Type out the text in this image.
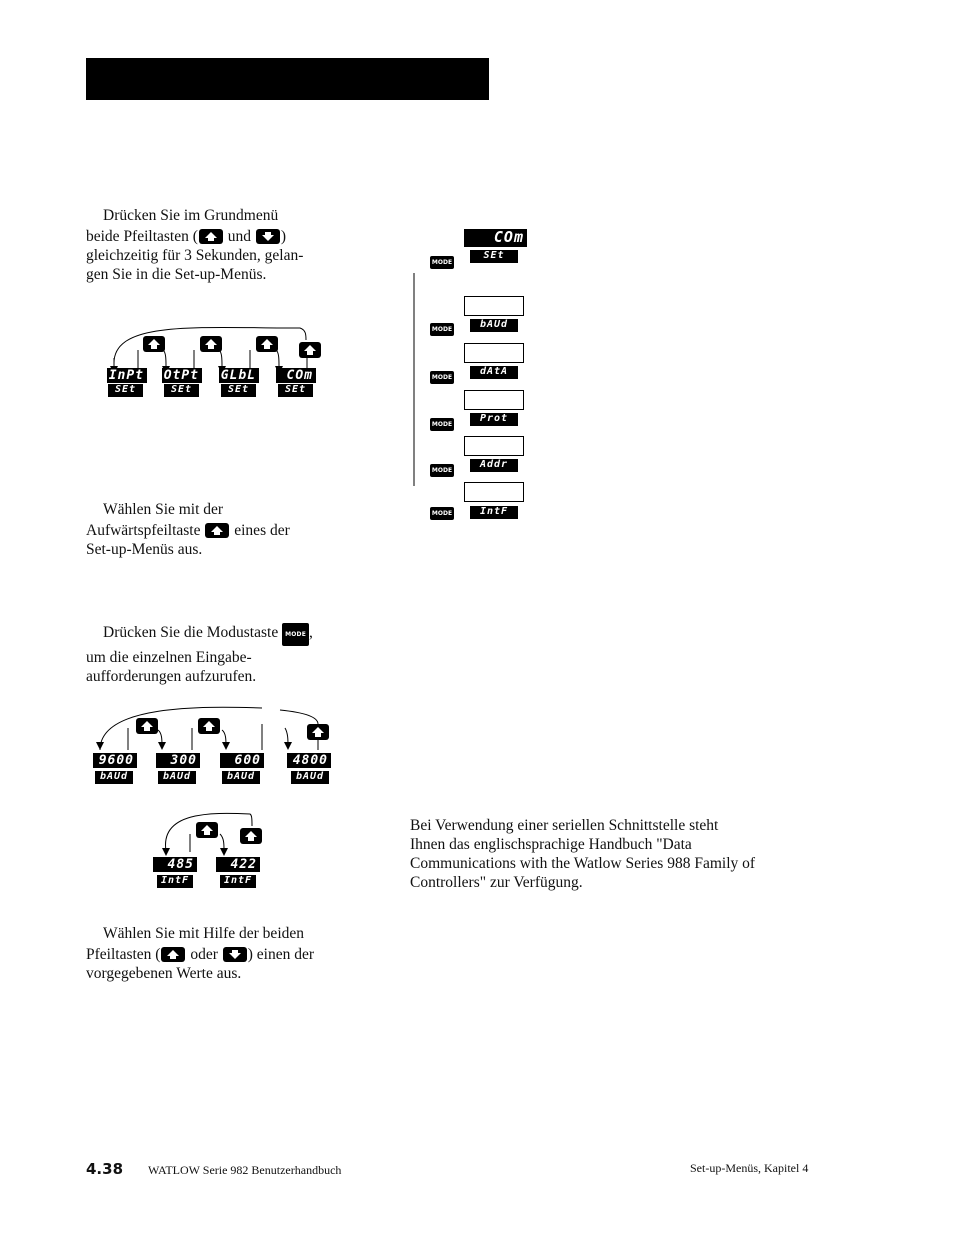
Drücken Sie im Grundmenü
beide Pfeiltasten ( und )
gleichzeitig für 3 Sekunden, gelan-
gen Sie in die Set-up-Menüs.
InPt
SEt
OtPt
SEt
GLbL
SEt
COm
SEt
Wählen Sie mit der
Aufwärtspfeiltaste eines der
Set-up-Menüs aus.
Drücken Sie die Modustaste MODE ,
um die einzelnen Eingabe-
aufforderungen aufzurufen.
9600
bAUd
300
bAUd
600
bAUd
4800
bAUd
485
IntF
422
IntF
Wählen Sie mit Hilfe der beiden
Pfeiltasten ( oder ) einen der
vorgegebenen Werte aus.
COm
SEt
MODE
bAUd
MODE
dAtA
MODE
Prot
MODE
Addr
MODE
IntF
MODE
Bei Verwendung einer seriellen Schnittstelle steht
Ihnen das englischsprachige Handbuch "Data
Communications with the Watlow Series 988 Family of
Controllers" zur Verfügung.
4.38 WATLOW Serie 982 Benutzerhandbuch	Set-up-Menüs, Kapitel 4
